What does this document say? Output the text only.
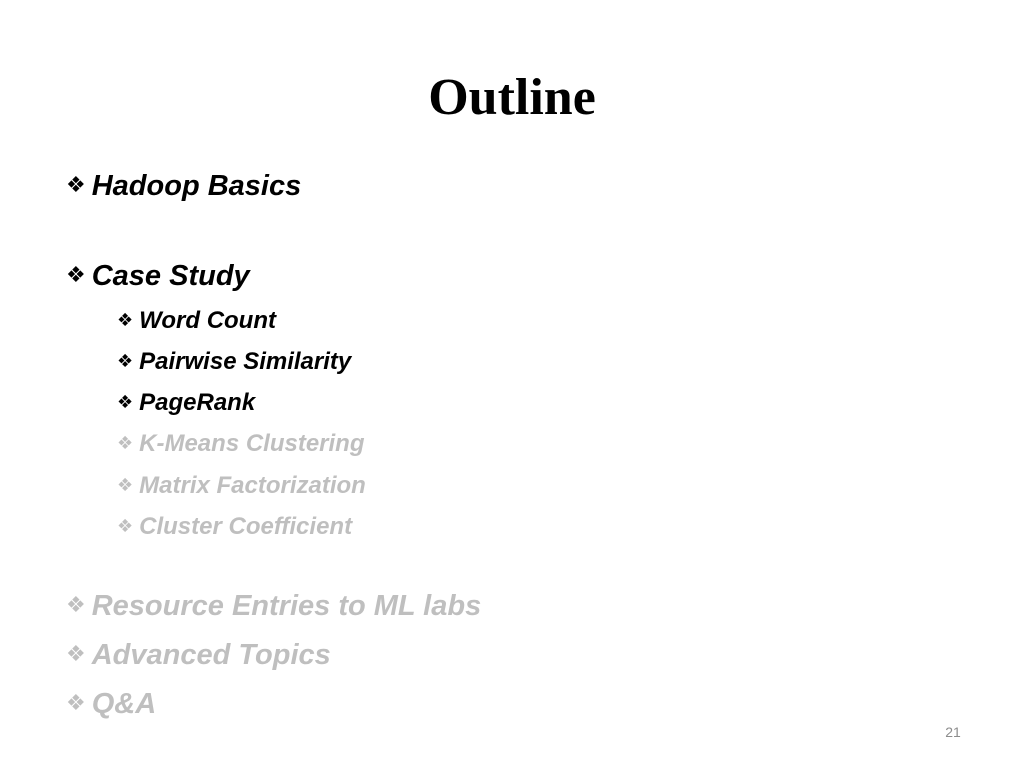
Outline
❖ Hadoop Basics
❖ Case Study
❖ Word Count
❖ Pairwise Similarity
❖ PageRank
❖ K-Means Clustering
❖ Matrix Factorization
❖ Cluster Coefficient
❖ Resource Entries to ML labs
❖ Advanced Topics
❖ Q&A
21
